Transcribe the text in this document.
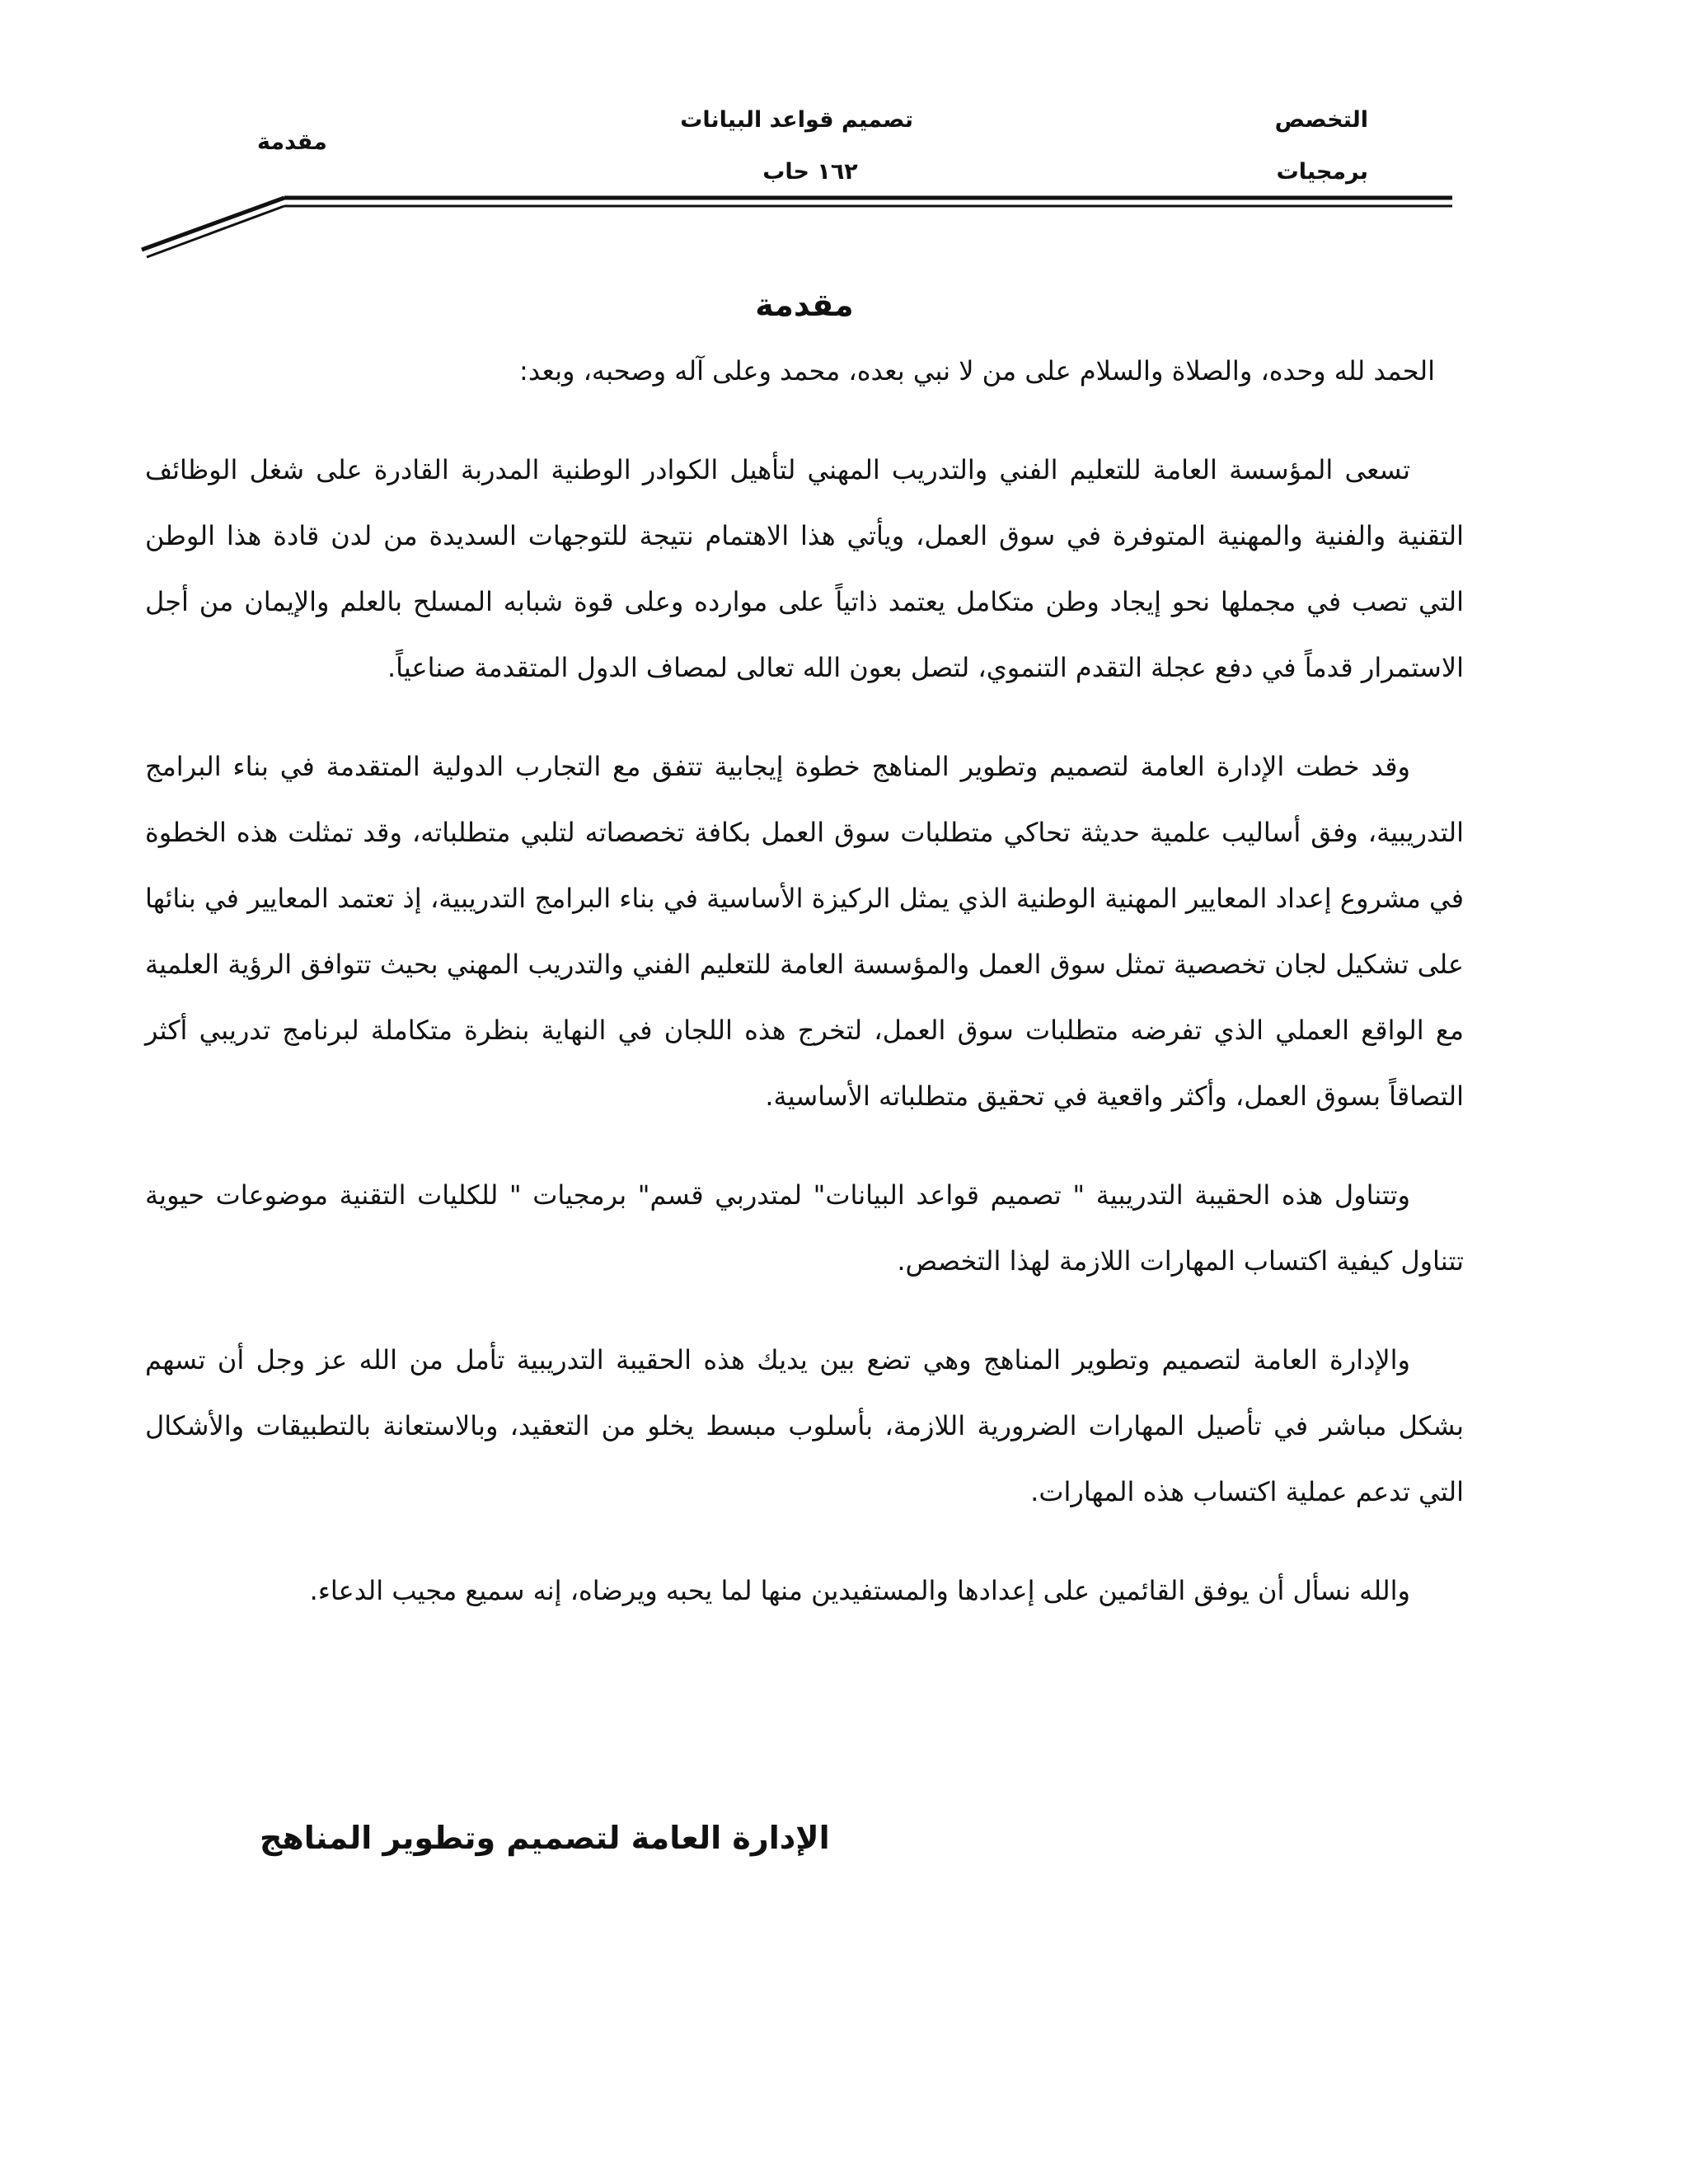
التخصص
برمجيات
تصميم قواعد البيانات
١٦٢ حاب
مقدمة
مقدمة

الحمد لله وحده، والصلاة والسلام على من لا نبي بعده، محمد وعلى آله وصحبه، وبعد:

تسعى المؤسسة العامة للتعليم الفني والتدريب المهني لتأهيل الكوادر الوطنية المدربة القادرة على شغل الوظائف التقنية والفنية والمهنية المتوفرة في سوق العمل، ويأتي هذا الاهتمام نتيجة للتوجهات السديدة من لدن قادة هذا الوطن التي تصب في مجملها نحو إيجاد وطن متكامل يعتمد ذاتياً على موارده وعلى قوة شبابه المسلح بالعلم والإيمان من أجل الاستمرار قدماً في دفع عجلة التقدم التنموي، لتصل بعون الله تعالى لمصاف الدول المتقدمة صناعياً.

وقد خطت الإدارة العامة لتصميم وتطوير المناهج خطوة إيجابية تتفق مع التجارب الدولية المتقدمة في بناء البرامج التدريبية، وفق أساليب علمية حديثة تحاكي متطلبات سوق العمل بكافة تخصصاته لتلبي متطلباته، وقد تمثلت هذه الخطوة في مشروع إعداد المعايير المهنية الوطنية الذي يمثل الركيزة الأساسية في بناء البرامج التدريبية، إذ تعتمد المعايير في بنائها على تشكيل لجان تخصصية تمثل سوق العمل والمؤسسة العامة للتعليم الفني والتدريب المهني بحيث تتوافق الرؤية العلمية مع الواقع العملي الذي تفرضه متطلبات سوق العمل، لتخرج هذه اللجان في النهاية بنظرة متكاملة لبرنامج تدريبي أكثر التصاقاً بسوق العمل، وأكثر واقعية في تحقيق متطلباته الأساسية.

وتتناول هذه الحقيبة التدريبية " تصميم قواعد البيانات" لمتدربي قسم" برمجيات " للكليات التقنية موضوعات حيوية تتناول كيفية اكتساب المهارات اللازمة لهذا التخصص.

والإدارة العامة لتصميم وتطوير المناهج وهي تضع بين يديك هذه الحقيبة التدريبية تأمل من الله عز وجل أن تسهم بشكل مباشر في تأصيل المهارات الضرورية اللازمة، بأسلوب مبسط يخلو من التعقيد، وبالاستعانة بالتطبيقات والأشكال التي تدعم عملية اكتساب هذه المهارات.

والله نسأل أن يوفق القائمين على إعدادها والمستفيدين منها لما يحبه ويرضاه، إنه سميع مجيب الدعاء.

الإدارة العامة لتصميم وتطوير المناهج
